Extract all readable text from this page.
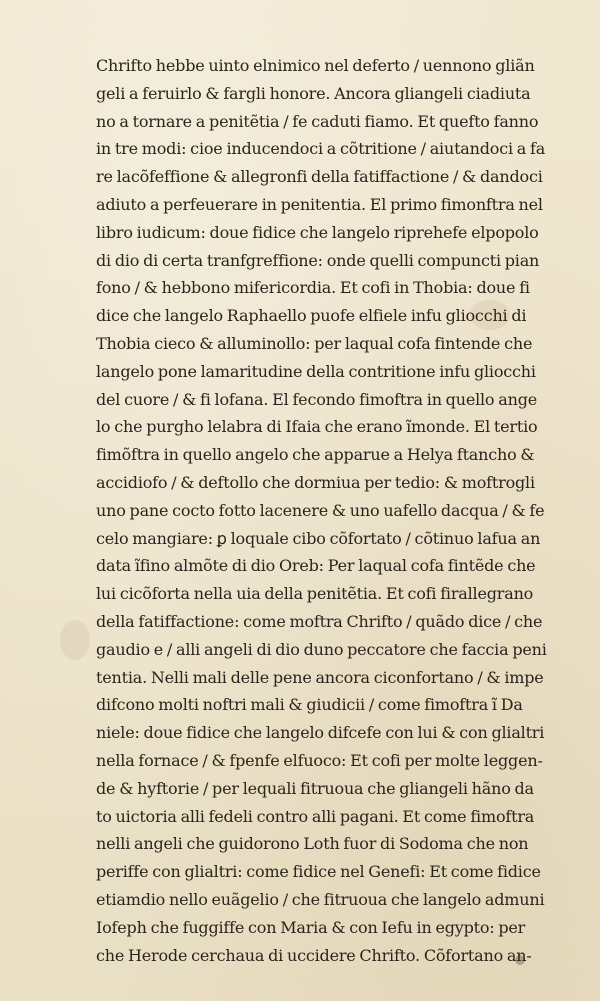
Chrifto hebbe uinto elnimico nel deferto / uennono gliãn
geli a feruirlo & fargli honore. Ancora gliangeli ciadiuta
no a tornare a penitẽtia / fe caduti fiamo. Et quefto fanno
in tre modi: cioe inducendoci a cõtritione / aiutandoci a fa
re lacõfeffione & allegronfi della fatiffactione / & dandoci
adiuto a perfeuerare in penitentia. El primo fimonftra nel
libro iudicum: doue fidice che langelo riprehefe elpopolo
di dio di certa tranfgreffione: onde quelli compuncti pian
fono / & hebbono mifericordia. Et cofi in Thobia: doue fi
dice che langelo Raphaello puofe elfiele infu gliocchi di
Thobia cieco & alluminollo: per laqual cofa fintende che
langelo pone lamaritudine della contritione infu gliocchi
del cuore / & fi lofana. El fecondo fimoftra in quello ange
lo che purgho lelabra di Ifaia che erano ĩmonde. El tertio
fimõftra in quello angelo che apparue a Helya ftancho &
accidiofo / & deftollo che dormiua per tedio: & moftrogli
uno pane cocto fotto lacenere & uno uafello dacqua / & fe
celo mangiare: ꝑ loquale cibo cõfortato / cõtinuo lafua an
data ĩfino almõte di dio Oreb: Per laqual cofa fintẽde che
lui cicõforta nella uia della penitẽtia. Et cofi firallegrano
della fatiffactione: come moftra Chrifto / quãdo dice / che
gaudio e / alli angeli di dio duno peccatore che faccia peni
tentia. Nelli mali delle pene ancora ciconfortano / & impe
difcono molti noftri mali & giudicii / come fimoftra ĩ Da
niele: doue fidice che langelo difcefe con lui & con glialtri
nella fornace / & fpenfe elfuoco: Et cofi per molte leggen-
de & hyftorie / per lequali fitruoua che gliangeli hãno da
to uictoria alli fedeli contro alli pagani. Et come fimoftra
nelli angeli che guidorono Loth fuor di Sodoma che non
periffe con glialtri: come fidice nel Genefi: Et come fidice
etiamdio nello euãgelio / che fitruoua che langelo admuni
Iofeph che fuggiffe con Maria & con Iefu in egypto: per
che Herode cerchaua di uccidere Chrifto. Cõfortano an-
